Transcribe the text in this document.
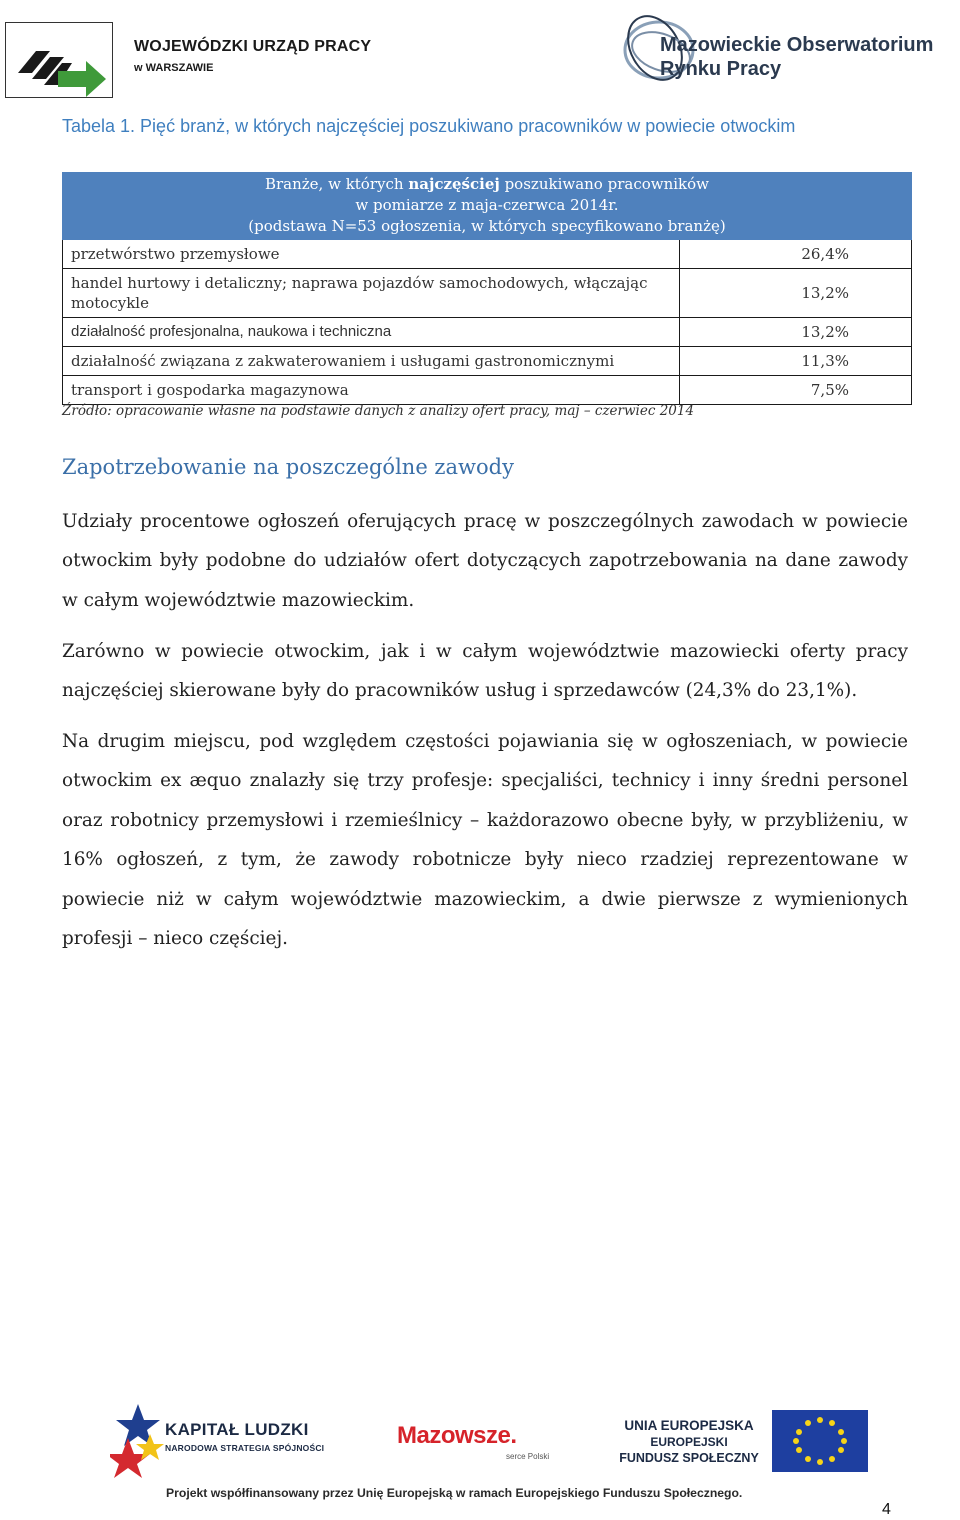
WOJEWÓDZKI URZĄD PRACY
w WARSZAWIE
Mazowieckie Obserwatorium
Rynku Pracy
Tabela 1. Pięć branż, w których najczęściej poszukiwano pracowników w powiecie otwockim
Branże, w których najczęściej poszukiwano pracowników
w pomiarze z maja-czerwca 2014r.
(podstawa N=53 ogłoszenia, w których specyfikowano branżę)	

przetwórstwo przemysłowe	26,4%
handel hurtowy i detaliczny; naprawa pojazdów samochodowych, włączając motocykle	13,2%
działalność profesjonalna, naukowa i techniczna	13,2%
działalność związana z zakwaterowaniem i usługami gastronomicznymi	11,3%
transport i gospodarka magazynowa	7,5%
Źródło: opracowanie własne na podstawie danych z analizy ofert pracy, maj – czerwiec 2014
Zapotrzebowanie na poszczególne zawody

Udziały procentowe ogłoszeń oferujących pracę w poszczególnych zawodach w powiecie otwockim były podobne do udziałów ofert dotyczących zapotrzebowania na dane zawody w całym województwie mazowieckim.

Zarówno w powiecie otwockim, jak i w całym województwie mazowiecki oferty pracy najczęściej skierowane były do pracowników usług i sprzedawców (24,3% do 23,1%).

Na drugim miejscu, pod względem częstości pojawiania się w ogłoszeniach, w powiecie otwockim ex æquo znalazły się trzy profesje: specjaliści, technicy i inny średni personel oraz robotnicy przemysłowi i rzemieślnicy – każdorazowo obecne były, w przybliżeniu, w 16% ogłoszeń, z tym, że zawody robotnicze były nieco rzadziej reprezentowane w powiecie niż w całym województwie mazowieckim, a dwie pierwsze z wymienionych profesji – nieco częściej.

KAPITAŁ LUDZKI
NARODOWA STRATEGIA SPÓJNOŚCI	Mazowsze.
serce Polski
UNIA EUROPEJSKA
EUROPEJSKI
FUNDUSZ SPOŁECZNY
Projekt współfinansowany przez Unię Europejską w ramach Europejskiego Funduszu Społecznego.
4
